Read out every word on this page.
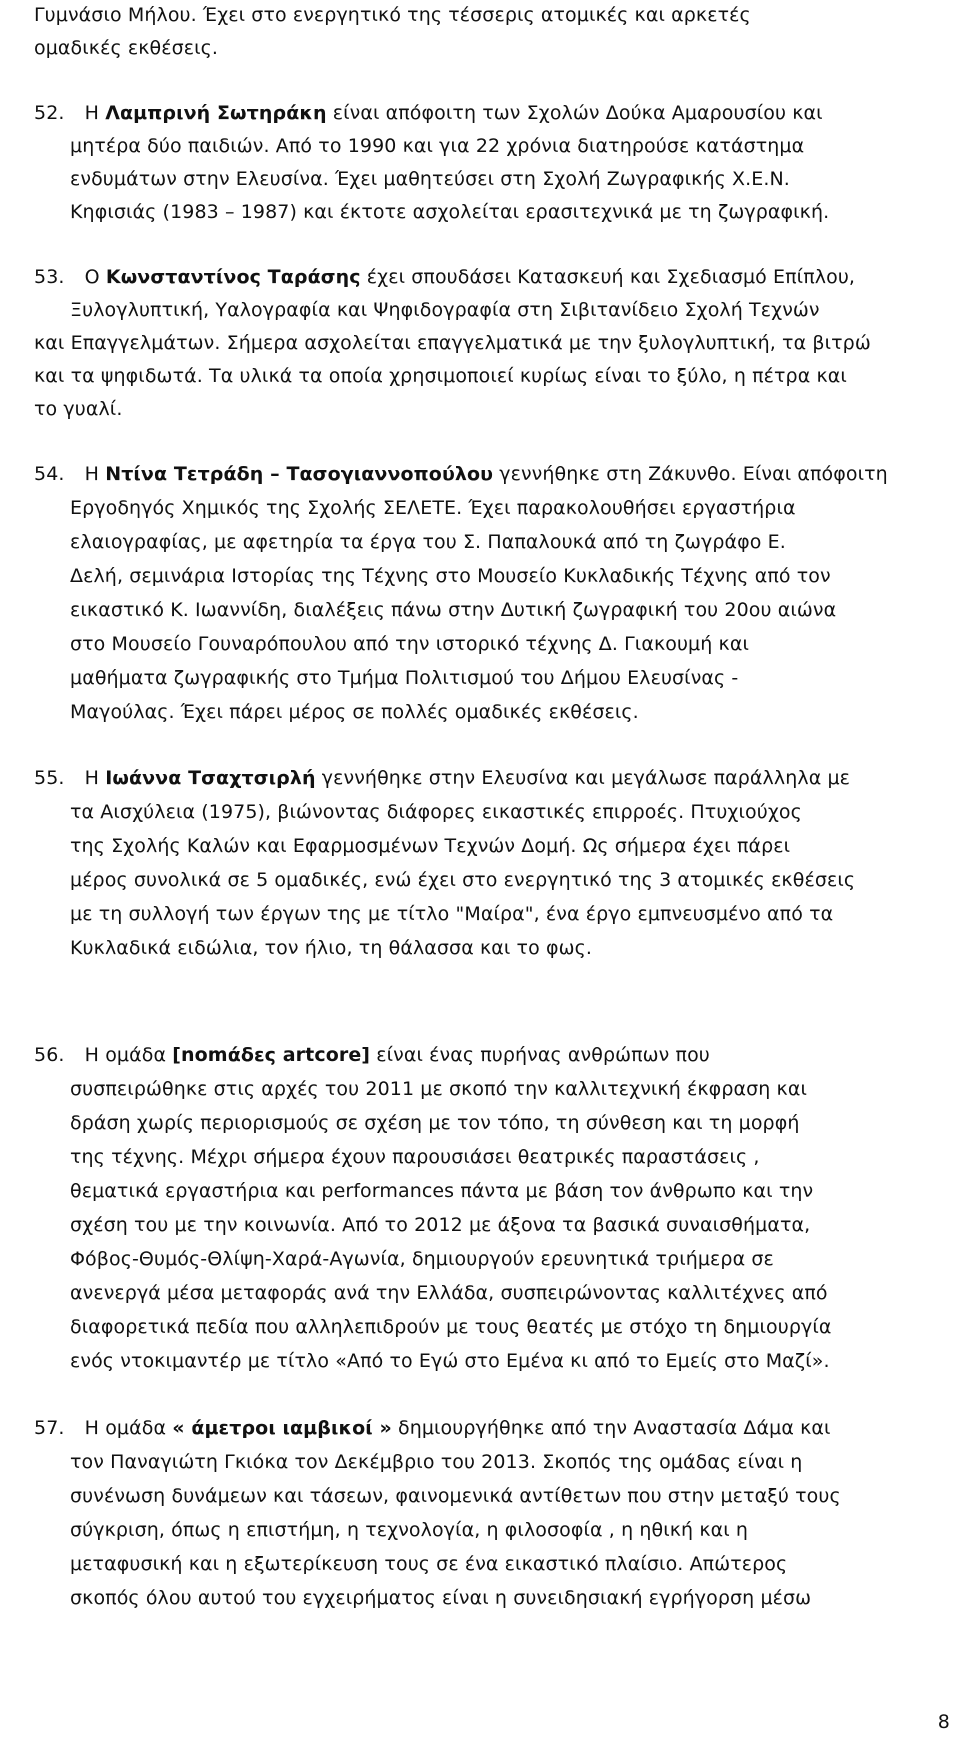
Γυμνάσιο Μήλου. Έχει στο ενεργητικό της τέσσερις ατομικές και αρκετές
ομαδικές εκθέσεις.
52. Η Λαμπρινή Σωτηράκη είναι απόφοιτη των Σχολών Δούκα Αμαρουσίου και
μητέρα δύο παιδιών. Από το 1990 και για 22 χρόνια διατηρούσε κατάστημα
ενδυμάτων στην Ελευσίνα. Έχει μαθητεύσει στη Σχολή Ζωγραφικής Χ.Ε.Ν.
Κηφισιάς (1983 – 1987) και έκτοτε ασχολείται ερασιτεχνικά με τη ζωγραφική.
53. Ο Κωνσταντίνος Ταράσης έχει σπουδάσει Κατασκευή και Σχεδιασμό Επίπλου,
Ξυλογλυπτική, Υαλογραφία και Ψηφιδογραφία στη Σιβιτανίδειο Σχολή Τεχνών
και Επαγγελμάτων. Σήμερα ασχολείται επαγγελματικά με την ξυλογλυπτική, τα βιτρώ
και τα ψηφιδωτά. Τα υλικά τα οποία χρησιμοποιεί κυρίως είναι το ξύλο, η πέτρα και
το γυαλί.
54. Η Ντίνα Τετράδη – Τασογιαννοπούλου γεννήθηκε στη Ζάκυνθο. Είναι απόφοιτη
Εργοδηγός Χημικός της Σχολής ΣΕΛΕΤΕ. Έχει παρακολουθήσει εργαστήρια
ελαιογραφίας, με αφετηρία τα έργα του Σ. Παπαλουκά από τη ζωγράφο Ε.
Δελή, σεμινάρια Ιστορίας της Τέχνης στο Μουσείο Κυκλαδικής Τέχνης από τον
εικαστικό Κ. Ιωαννίδη, διαλέξεις πάνω στην Δυτική ζωγραφική του 20ου αιώνα
στο Μουσείο Γουναρόπουλου από την ιστορικό τέχνης Δ. Γιακουμή και
μαθήματα ζωγραφικής στο Τμήμα Πολιτισμού του Δήμου Ελευσίνας -
Μαγούλας. Έχει πάρει μέρος σε πολλές ομαδικές εκθέσεις.
55. Η Ιωάννα Τσαχτσιρλή γεννήθηκε στην Ελευσίνα και μεγάλωσε παράλληλα με
τα Αισχύλεια (1975), βιώνοντας διάφορες εικαστικές επιρροές. Πτυχιούχος
της Σχολής Καλών και Εφαρμοσμένων Τεχνών Δομή. Ως σήμερα έχει πάρει
μέρος συνολικά σε 5 ομαδικές, ενώ έχει στο ενεργητικό της 3 ατομικές εκθέσεις
με τη συλλογή των έργων της με τίτλο "Μαίρα", ένα έργο εμπνευσμένο από τα
Κυκλαδικά ειδώλια, τον ήλιο, τη θάλασσα και το φως.
56. Η ομάδα [nomάδες artcore] είναι ένας πυρήνας ανθρώπων που
συσπειρώθηκε στις αρχές του 2011 με σκοπό την καλλιτεχνική έκφραση και
δράση χωρίς περιορισμούς σε σχέση με τον τόπο, τη σύνθεση και τη μορφή
της τέχνης. Μέχρι σήμερα έχουν παρουσιάσει θεατρικές παραστάσεις ,
θεματικά εργαστήρια και performances πάντα με βάση τον άνθρωπο και την
σχέση του με την κοινωνία. Από το 2012 με άξονα τα βασικά συναισθήματα,
Φόβος-Θυμός-Θλίψη-Χαρά-Αγωνία, δημιουργούν ερευνητικά τριήμερα σε
ανενεργά μέσα μεταφοράς ανά την Ελλάδα, συσπειρώνοντας καλλιτέχνες από
διαφορετικά πεδία που αλληλεπιδρούν με τους θεατές με στόχο τη δημιουργία
ενός ντοκιμαντέρ με τίτλο «Από το Εγώ στο Εμένα κι από το Εμείς στο Μαζί».
57. Η ομάδα « άμετροι ιαμβικοί » δημιουργήθηκε από την Αναστασία Δάμα και
τον Παναγιώτη Γκιόκα τον Δεκέμβριο του 2013. Σκοπός της ομάδας είναι η
συνένωση δυνάμεων και τάσεων, φαινομενικά αντίθετων που στην μεταξύ τους
σύγκριση, όπως η επιστήμη, η τεχνολογία, η φιλοσοφία , η ηθική και η
μεταφυσική και η εξωτερίκευση τους σε ένα εικαστικό πλαίσιο. Απώτερος
σκοπός όλου αυτού του εγχειρήματος είναι η συνειδησιακή εγρήγορση μέσω
8
